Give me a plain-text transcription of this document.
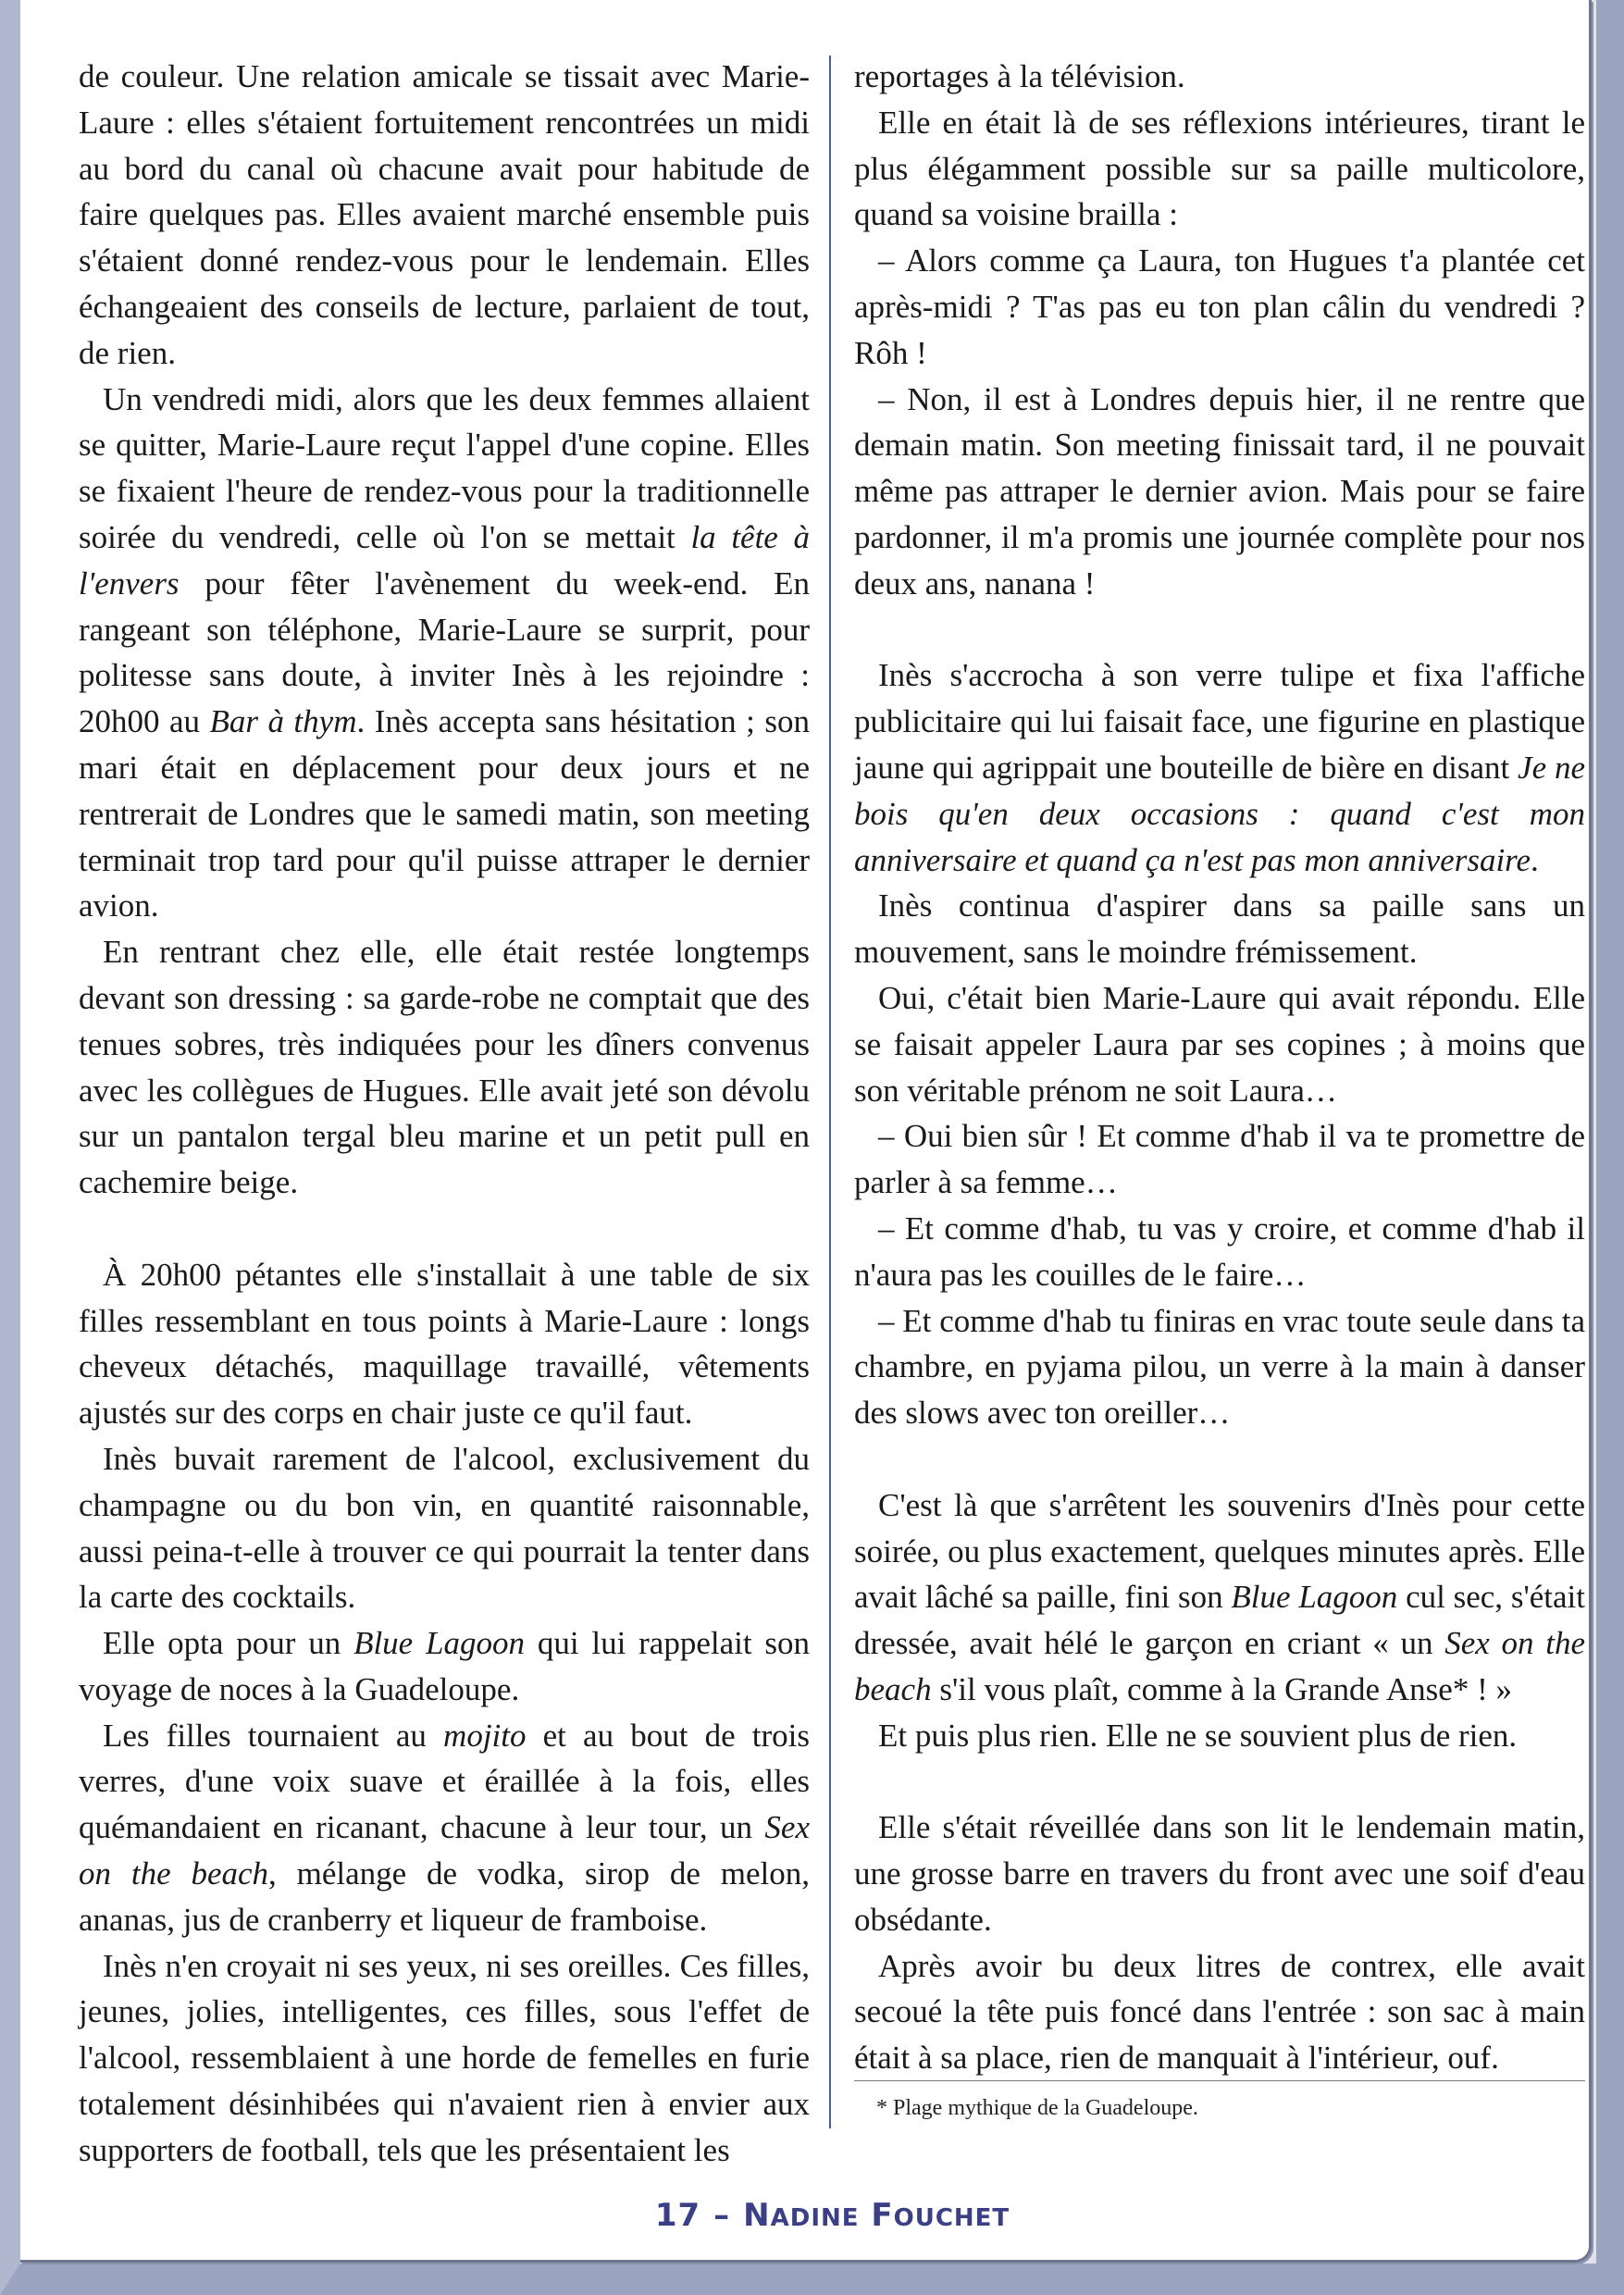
de couleur. Une relation amicale se tissait avec Marie-Laure : elles s'étaient fortuitement rencontrées un midi au bord du canal où chacune avait pour habitude de faire quelques pas. Elles avaient marché ensemble puis s'étaient donné rendez-vous pour le lendemain. Elles échangeaient des conseils de lecture, parlaient de tout, de rien.

Un vendredi midi, alors que les deux femmes allaient se quitter, Marie-Laure reçut l'appel d'une copine. Elles se fixaient l'heure de rendez-vous pour la traditionnelle soirée du vendredi, celle où l'on se mettait la tête à l'envers pour fêter l'avènement du week-end. En rangeant son téléphone, Marie-Laure se surprit, pour politesse sans doute, à inviter Inès à les rejoindre : 20h00 au Bar à thym. Inès accepta sans hésitation ; son mari était en déplacement pour deux jours et ne rentrerait de Londres que le samedi matin, son meeting terminait trop tard pour qu'il puisse attraper le dernier avion.

En rentrant chez elle, elle était restée longtemps devant son dressing : sa garde-robe ne comptait que des tenues sobres, très indiquées pour les dîners convenus avec les collègues de Hugues. Elle avait jeté son dévolu sur un pantalon tergal bleu marine et un petit pull en cachemire beige.

À 20h00 pétantes elle s'installait à une table de six filles ressemblant en tous points à Marie-Laure : longs cheveux détachés, maquillage travaillé, vêtements ajustés sur des corps en chair juste ce qu'il faut.

Inès buvait rarement de l'alcool, exclusivement du champagne ou du bon vin, en quantité raisonnable, aussi peina-t-elle à trouver ce qui pourrait la tenter dans la carte des cocktails.

Elle opta pour un Blue Lagoon qui lui rappelait son voyage de noces à la Guadeloupe.

Les filles tournaient au mojito et au bout de trois verres, d'une voix suave et éraillée à la fois, elles quémandaient en ricanant, chacune à leur tour, un Sex on the beach, mélange de vodka, sirop de melon, ananas, jus de cranberry et liqueur de framboise.

Inès n'en croyait ni ses yeux, ni ses oreilles. Ces filles, jeunes, jolies, intelligentes, ces filles, sous l'effet de l'alcool, ressemblaient à une horde de femelles en furie totalement désinhibées qui n'avaient rien à envier aux supporters de football, tels que les présentaient les

reportages à la télévision.

Elle en était là de ses réflexions intérieures, tirant le plus élégamment possible sur sa paille multicolore, quand sa voisine brailla :

– Alors comme ça Laura, ton Hugues t'a plantée cet après-midi ? T'as pas eu ton plan câlin du vendredi ? Rôh !

– Non, il est à Londres depuis hier, il ne rentre que demain matin. Son meeting finissait tard, il ne pouvait même pas attraper le dernier avion. Mais pour se faire pardonner, il m'a promis une journée complète pour nos deux ans, nanana !

Inès s'accrocha à son verre tulipe et fixa l'affiche publicitaire qui lui faisait face, une figurine en plastique jaune qui agrippait une bouteille de bière en disant Je ne bois qu'en deux occasions : quand c'est mon anniversaire et quand ça n'est pas mon anniversaire.

Inès continua d'aspirer dans sa paille sans un mouvement, sans le moindre frémissement.

Oui, c'était bien Marie-Laure qui avait répondu. Elle se faisait appeler Laura par ses copines ; à moins que son véritable prénom ne soit Laura…

– Oui bien sûr ! Et comme d'hab il va te promettre de parler à sa femme…

– Et comme d'hab, tu vas y croire, et comme d'hab il n'aura pas les couilles de le faire…

– Et comme d'hab tu finiras en vrac toute seule dans ta chambre, en pyjama pilou, un verre à la main à danser des slows avec ton oreiller…

C'est là que s'arrêtent les souvenirs d'Inès pour cette soirée, ou plus exactement, quelques minutes après. Elle avait lâché sa paille, fini son Blue Lagoon cul sec, s'était dressée, avait hélé le garçon en criant « un Sex on the beach s'il vous plaît, comme à la Grande Anse* ! »

Et puis plus rien. Elle ne se souvient plus de rien.

Elle s'était réveillée dans son lit le lendemain matin, une grosse barre en travers du front avec une soif d'eau obsédante.

Après avoir bu deux litres de contrex, elle avait secoué la tête puis foncé dans l'entrée : son sac à main était à sa place, rien de manquait à l'intérieur, ouf.

* Plage mythique de la Guadeloupe.
17 – NADINE FOUCHET
